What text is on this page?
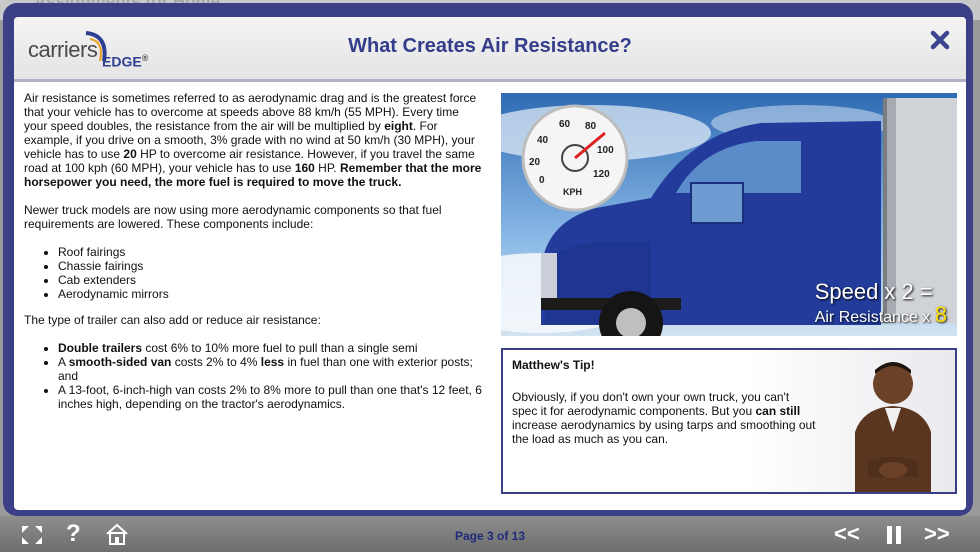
carriers EDGE®
What Creates Air Resistance?

Air resistance is sometimes referred to as aerodynamic drag and is the greatest force that your vehicle has to overcome at speeds above 88 km/h (55 MPH). Every time your speed doubles, the resistance from the air will be multiplied by eight. For example, if you drive on a smooth, 3% grade with no wind at 50 km/h (30 MPH), your vehicle has to use 20 HP to overcome air resistance. However, if you travel the same road at 100 kph (60 MPH), your vehicle has to use 160 HP. Remember that the more horsepower you need, the more fuel is required to move the truck.

Newer truck models are now using more aerodynamic components so that fuel requirements are lowered. These components include:

• Roof fairings
• Chassie fairings
• Cab extenders
• Aerodynamic mirrors

The type of trailer can also add or reduce air resistance:

• Double trailers cost 6% to 10% more fuel to pull than a single semi
• A smooth-sided van costs 2% to 4% less in fuel than one with exterior posts; and
• A 13-foot, 6-inch-high van costs 2% to 8% more to pull than one that's 12 feet, 6 inches high, depending on the tractor's aerodynamics.
20
40
60 80
100
120
0
KPH
Speed x 2 =
Air Resistance x 8
Matthew's Tip!
Obviously, if you don't own your own truck, you can't spec it for aerodynamic components. But you can still increase aerodynamics by using tarps and smoothing out the load as much as you can.
?	Page 3 of 13	<<	>>
